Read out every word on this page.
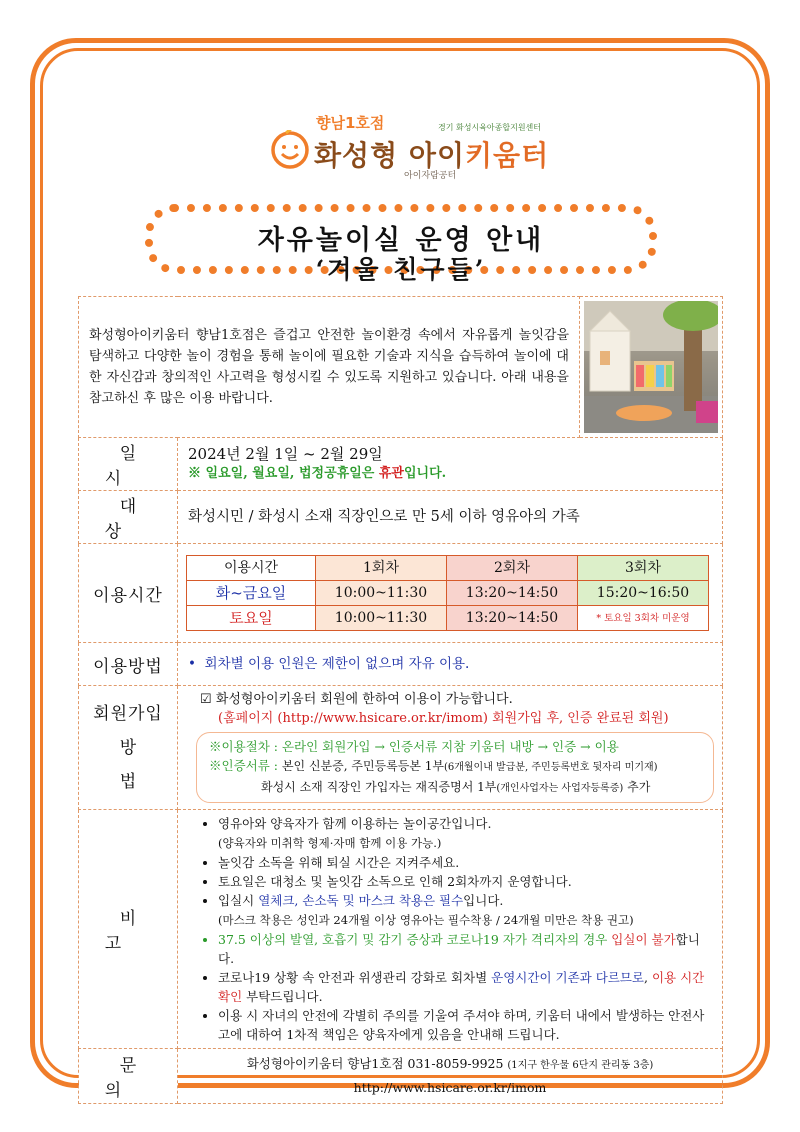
향남1호점	경기 화성시육아종합지원센터
화성형 아이키움터
아이자람공터
자유놀이실 운영 안내
‘겨울 친구들’
화성형아이키움터 향남1호점은 즐겁고 안전한 놀이환경 속에서 자유롭게 놀잇감을 탐색하고 다양한 놀이 경험을 통해 놀이에 필요한 기술과 지식을 습득하여 놀이에 대한 자신감과 창의적인 사고력을 형성시킬 수 있도록 지원하고 있습니다. 아래 내용을 참고하신 후 많은 이용 바랍니다.	

일 시	
2024년 2월 1일 ~ 2월 29일
※ 일요일, 월요일, 법정공휴일은 휴관입니다.

대 상	화성시민 / 화성시 소재 직장인으로 만 5세 이하 영유아의 가족
이용시간	
이용시간	1회차	2회차	3회차
화~금요일	10:00~11:30	13:20~14:50	15:20~16:50
토요일	10:00~11:30	13:20~14:50	* 토요일 3회차 미운영

이용방법	•  회차별 이용 인원은 제한이 없으며 자유 이용.

회원가입
방 법

☑ 화성형아이키움터 회원에 한하여 이용이 가능합니다.
(홈페이지 (http://www.hsicare.or.kr/imom) 회원가입 후, 인증 완료된 회원)
※이용절차 : 온라인 회원가입 → 인증서류 지참 키움터 내방 → 인증 → 이용
※인증서류 : 본인 신분증, 주민등록등본 1부(6개월이내 발급분, 주민등록번호 뒷자리 미기재)
화성시 소재 직장인 가입자는 재직증명서 1부(개인사업자는 사업자등록증) 추가

비 고	
• 영유아와 양육자가 함께 이용하는 놀이공간입니다.
(양육자와 미취학 형제·자매 함께 이용 가능.)
• 놀잇감 소독을 위해 퇴실 시간은 지켜주세요.
• 토요일은 대청소 및 놀잇감 소독으로 인해 2회차까지 운영합니다.
• 입실시 열체크, 손소독 및 마스크 착용은 필수입니다.
(마스크 착용은 성인과 24개월 이상 영유아는 필수착용 / 24개월 미만은 착용 권고)
• 37.5 이상의 발열, 호흡기 및 감기 증상과 코로나19 자가 격리자의 경우 입실이 불가합니다.
• 코로나19 상황 속 안전과 위생관리 강화로 회차별 운영시간이 기존과 다르므로, 이용 시간 확인 부탁드립니다.
• 이용 시 자녀의 안전에 각별히 주의를 기울여 주셔야 하며, 키움터 내에서 발생하는 안전사고에 대하여 1차적 책임은 양육자에게 있음을 안내해 드립니다.

문 의	
화성형아이키움터 향남1호점 031-8059-9925 (1지구 한우물 6단지 관리동 3층)
http://www.hsicare.or.kr/imom
